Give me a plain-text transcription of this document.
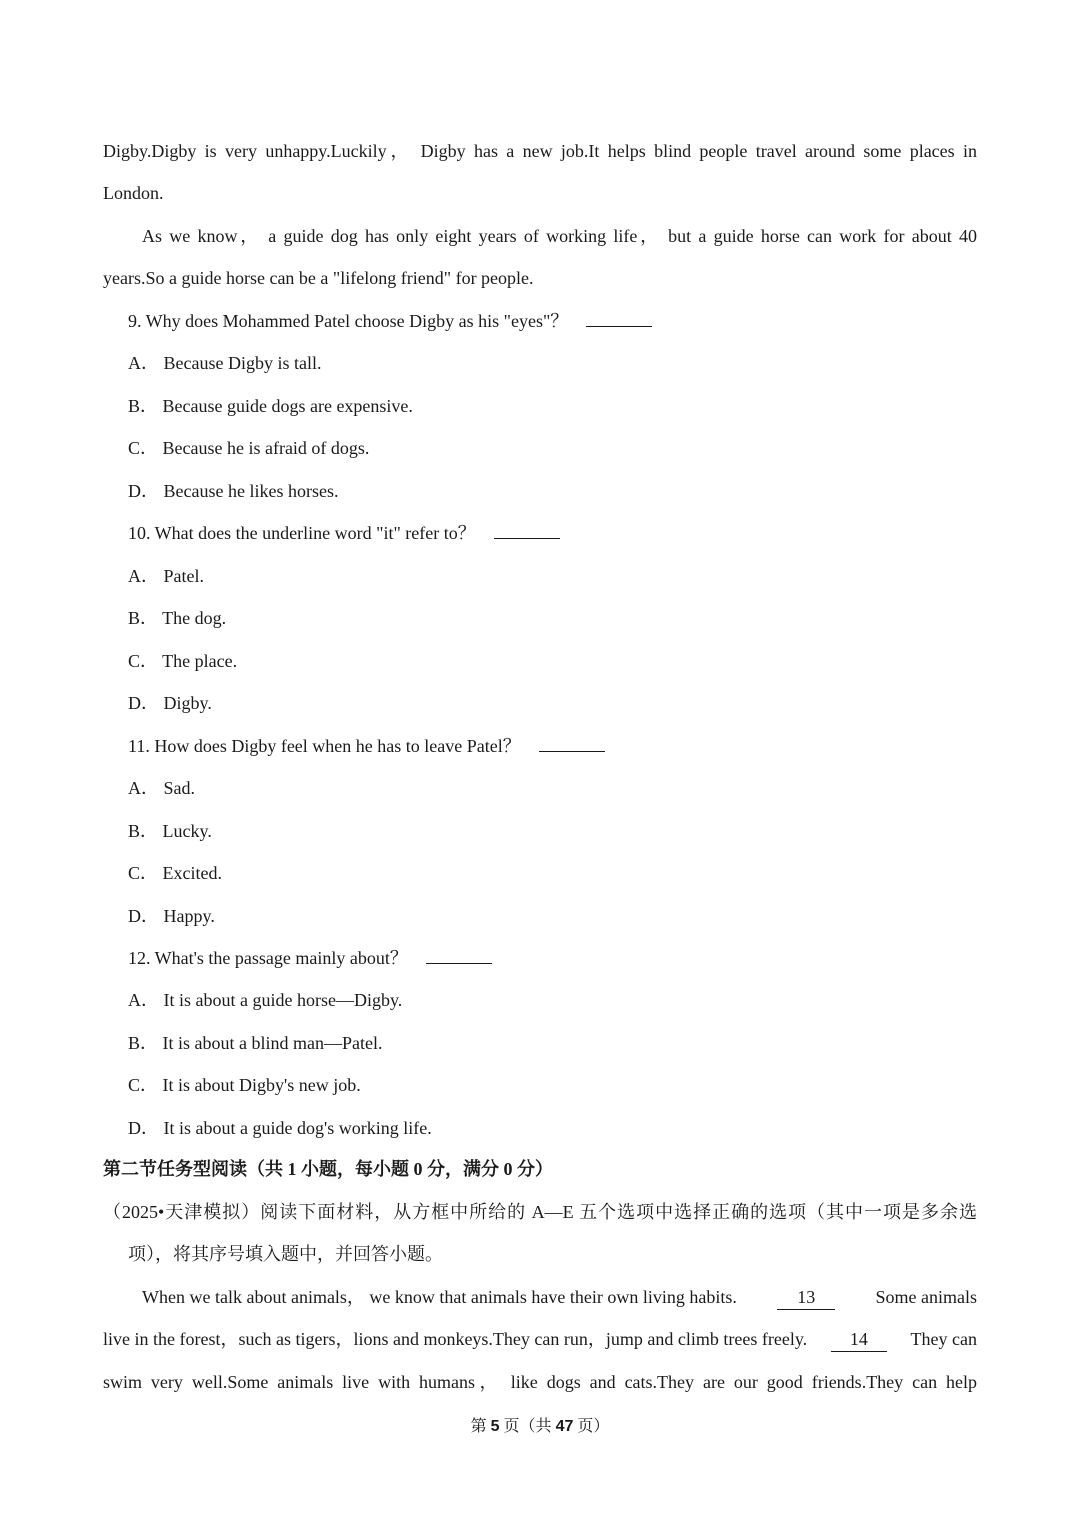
Digby.Digby is very unhappy.Luckily， Digby has a new job.It helps blind people travel around some places in
London.
As we know， a guide dog has only eight years of working life， but a guide horse can work for about 40
years.So a guide horse can be a "lifelong friend" for people.
9. Why does Mohammed Patel choose Digby as his "eyes"？
A． Because Digby is tall.
B． Because guide dogs are expensive.
C． Because he is afraid of dogs.
D． Because he likes horses.
10. What does the underline word "it" refer to？
A． Patel.
B． The dog.
C． The place.
D． Digby.
11. How does Digby feel when he has to leave Patel？
A． Sad.
B． Lucky.
C． Excited.
D． Happy.
12. What's the passage mainly about？
A． It is about a guide horse—Digby.
B． It is about a blind man—Patel.
C． It is about Digby's new job.
D． It is about a guide dog's working life.
第二节任务型阅读（共 1 小题，每小题 0 分，满分 0 分）
（2025•天津模拟）阅读下面材料，从方框中所给的 A—E 五个选项中选择正确的选项（其中一项是多余选
项），将其序号填入题中，并回答小题。
When we talk about animals， we know that animals have their own living habits.	13	Some animals
live in the forest，such as tigers，lions and monkeys.They can run，jump and climb trees freely.	14	They can
swim very well.Some animals live with humans， like dogs and cats.They are our good friends.They can help
第 5 页（共 47 页）
